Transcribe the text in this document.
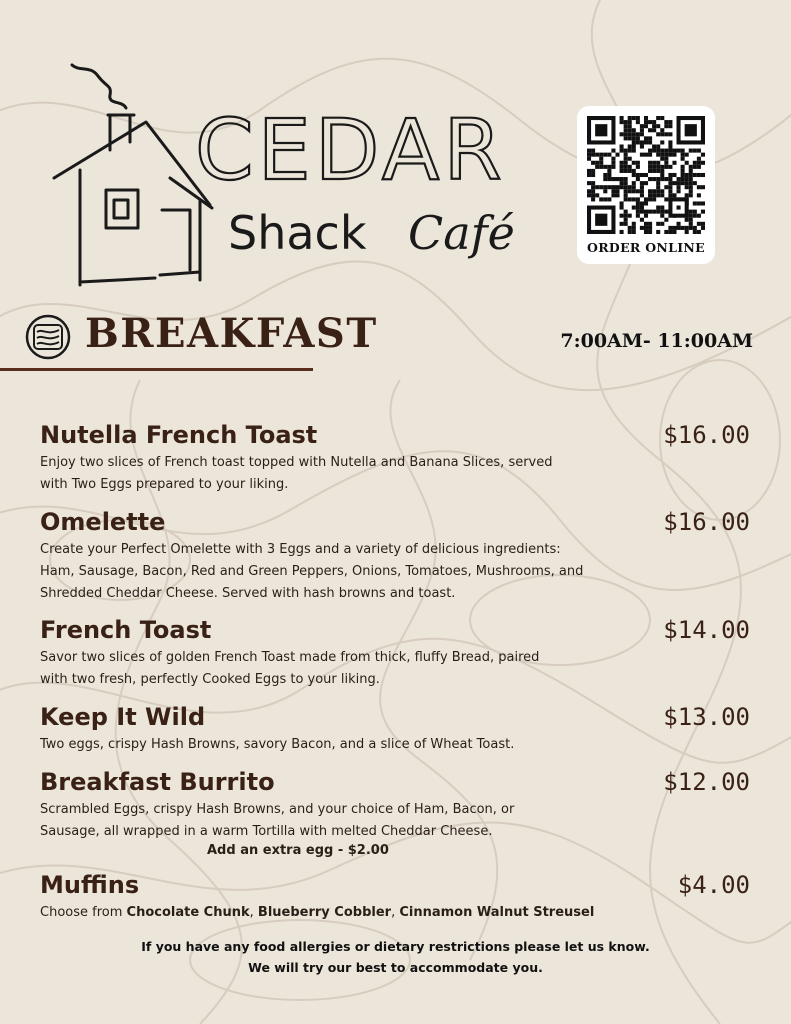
CEDAR
Shack Café	ORDER ONLINE
BREAKFAST	7:00AM- 11:00AM
Nutella French Toast	$16.00
Enjoy two slices of French toast topped with Nutella and Banana Slices, served with Two Eggs prepared to your liking.
Omelette	$16.00
Create your Perfect Omelette with 3 Eggs and a variety of delicious ingredients: Ham, Sausage, Bacon, Red and Green Peppers, Onions, Tomatoes, Mushrooms, and Shredded Cheddar Cheese. Served with hash browns and toast.
French Toast	$14.00
Savor two slices of golden French Toast made from thick, fluffy Bread, paired with two fresh, perfectly Cooked Eggs to your liking.
Keep It Wild	$13.00
Two eggs, crispy Hash Browns, savory Bacon, and a slice of Wheat Toast.
Breakfast Burrito	$12.00
Scrambled Eggs, crispy Hash Browns, and your choice of Ham, Bacon, or Sausage, all wrapped in a warm Tortilla with melted Cheddar Cheese.
Add an extra egg - $2.00
Muffins	$4.00
Choose from Chocolate Chunk, Blueberry Cobbler, Cinnamon Walnut Streusel
If you have any food allergies or dietary restrictions please let us know.
We will try our best to accommodate you.
